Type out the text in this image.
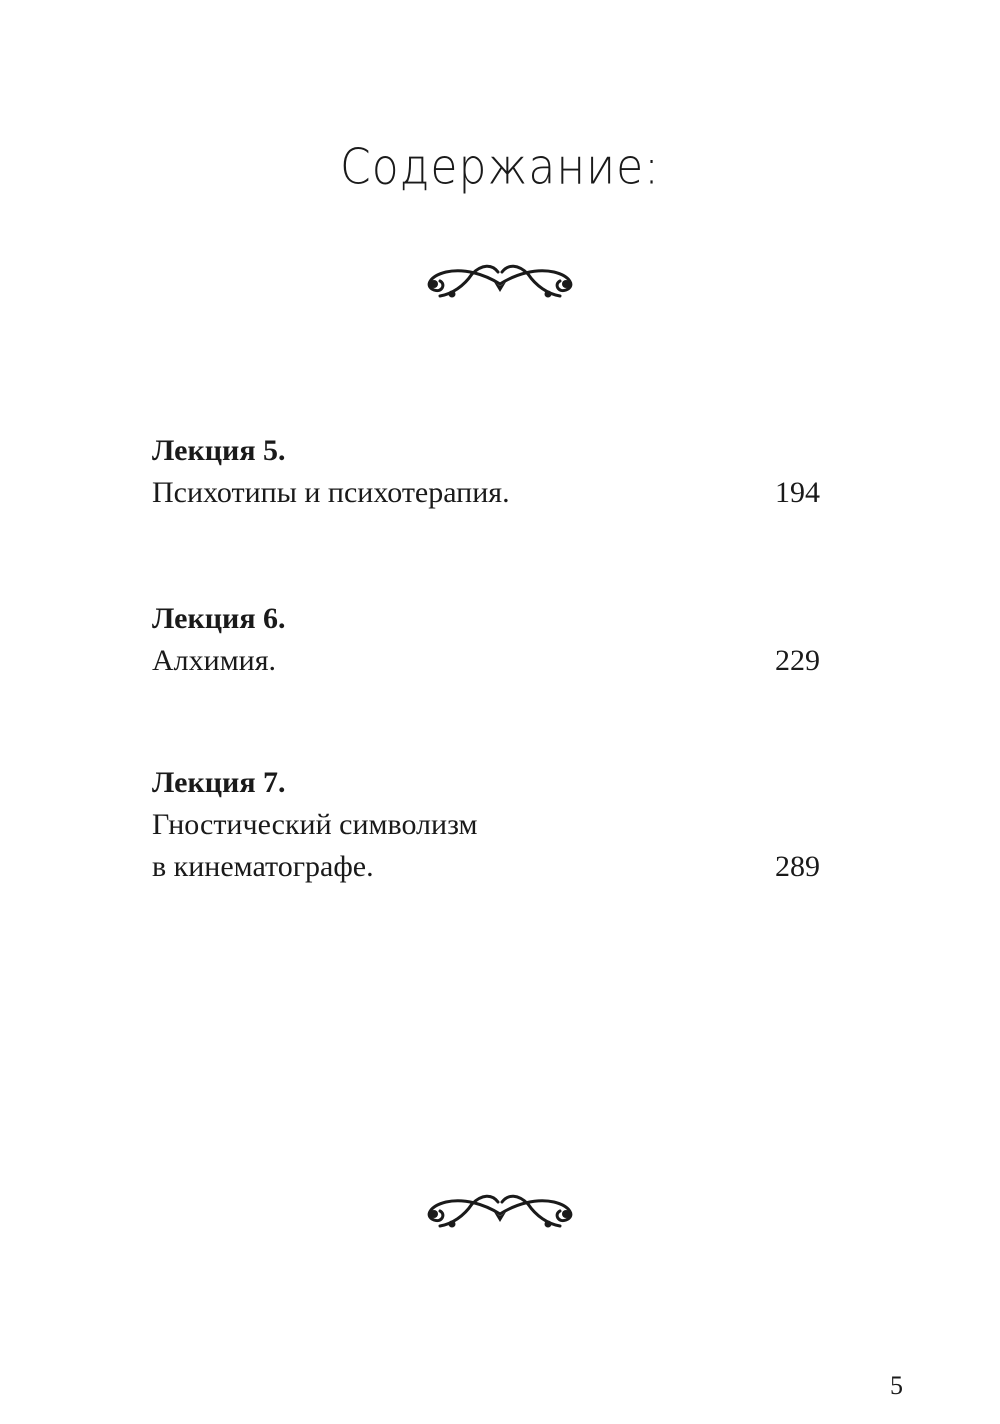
Содержание:
Лекция 5.
Психотипы и психотерапия.	194
Лекция 6.
Алхимия.	229
Лекция 7.
Гностический символизм
в кинематографе.	289
5
